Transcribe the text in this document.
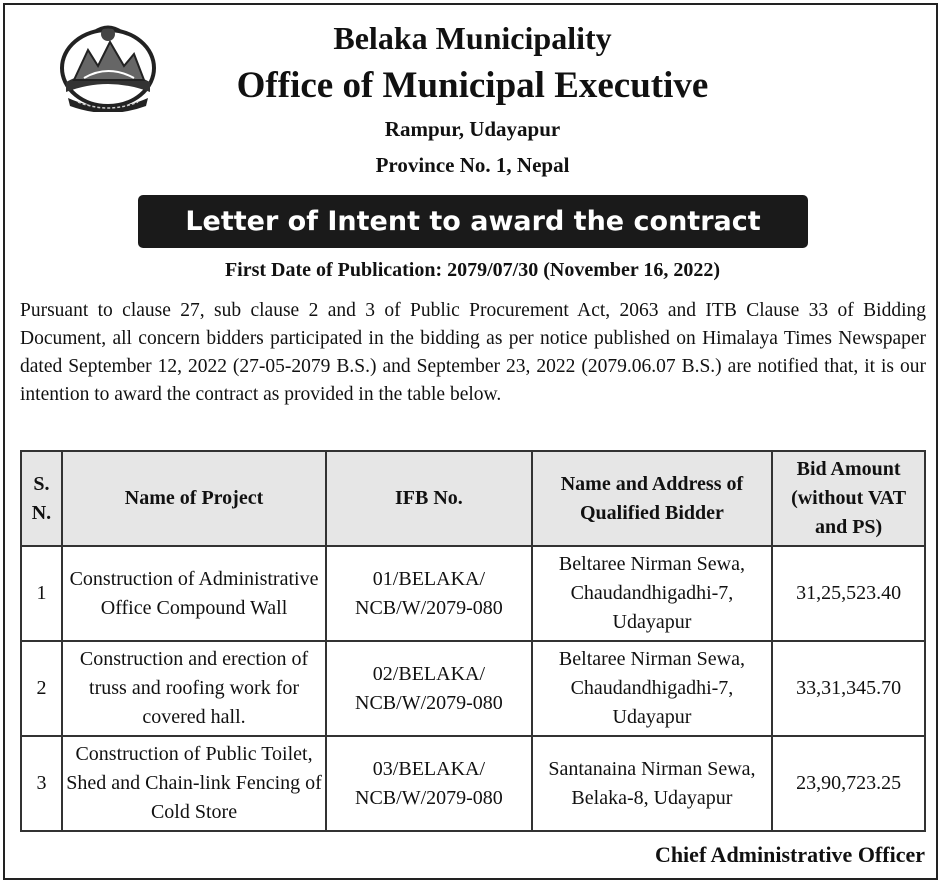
Belaka Municipality
Office of Municipal Executive
Rampur, Udayapur
Province No. 1, Nepal
Letter of Intent to award the contract
First Date of Publication: 2079/07/30 (November 16, 2022)
Pursuant to clause 27, sub clause 2 and 3 of Public Procurement Act, 2063 and ITB Clause 33 of Bidding Document, all concern bidders participated in the bidding as per notice published on Himalaya Times Newspaper dated September 12, 2022 (27-05-2079 B.S.) and September 23, 2022 (2079.06.07 B.S.) are notified that, it is our intention to award the contract as provided in the table below.
S. N.	Name of Project	IFB No.	Name and Address of Qualified Bidder	Bid Amount (without VAT and PS)
1	Construction of Administrative Office Compound Wall	01/BELAKA/ NCB/W/2079-080	Beltaree Nirman Sewa, Chaudandhigadhi-7, Udayapur	31,25,523.40
2	Construction and erection of truss and roofing work for covered hall.	02/BELAKA/ NCB/W/2079-080	Beltaree Nirman Sewa, Chaudandhigadhi-7, Udayapur	33,31,345.70
3	Construction of Public Toilet, Shed and Chain-link Fencing of Cold Store	03/BELAKA/ NCB/W/2079-080	Santanaina Nirman Sewa, Belaka-8, Udayapur	23,90,723.25
Chief Administrative Officer
